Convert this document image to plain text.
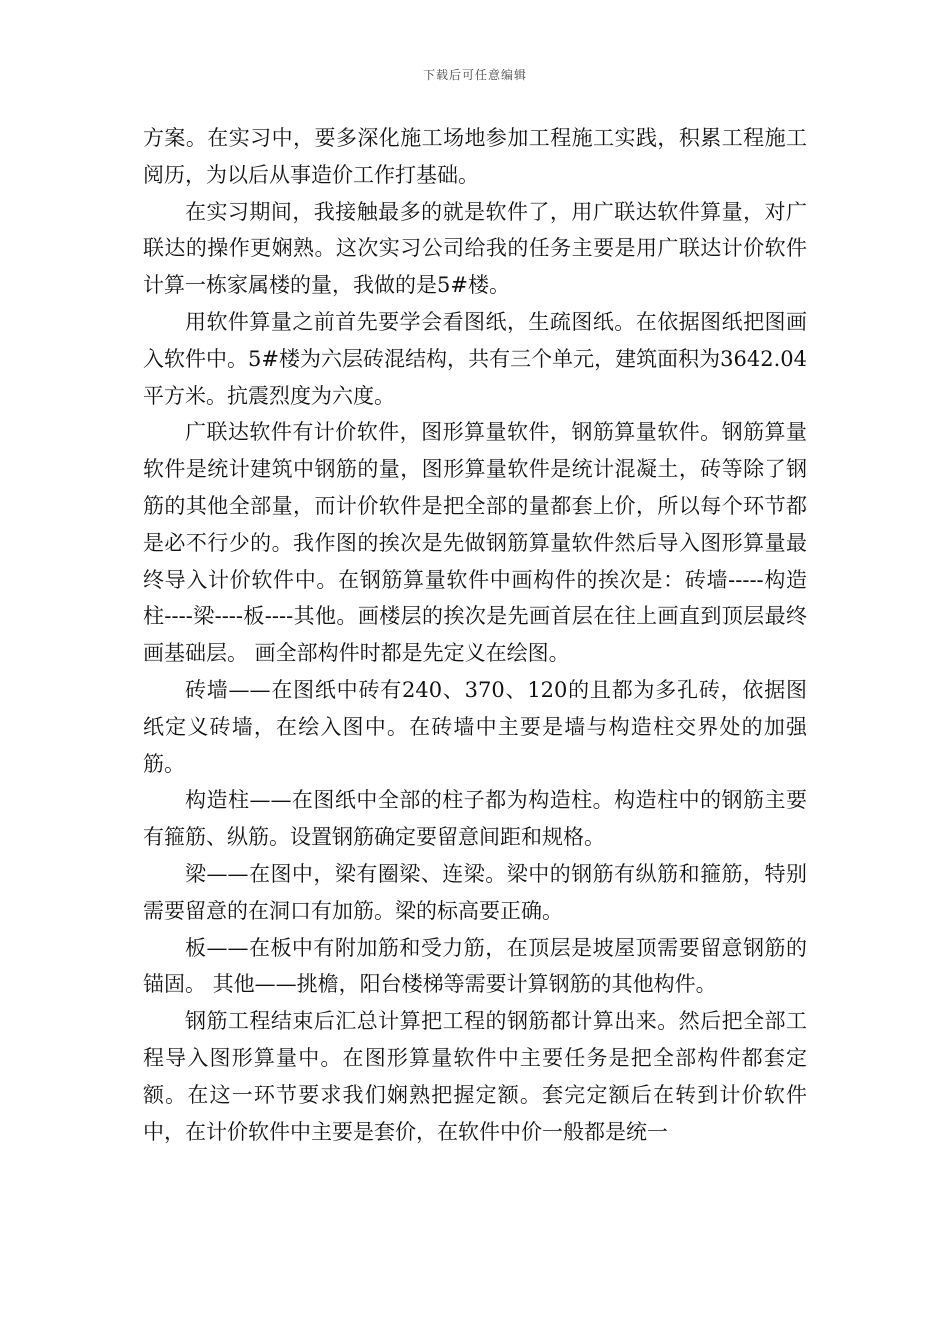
下载后可任意编辑

方案。在实习中，要多深化施工场地参加工程施工实践，积累工程施工阅历，为以后从事造价工作打基础。

在实习期间，我接触最多的就是软件了，用广联达软件算量，对广联达的操作更娴熟。这次实习公司给我的任务主要是用广联达计价软件计算一栋家属楼的量，我做的是5#楼。

用软件算量之前首先要学会看图纸，生疏图纸。在依据图纸把图画入软件中。5#楼为六层砖混结构，共有三个单元，建筑面积为3642.04平方米。抗震烈度为六度。

广联达软件有计价软件，图形算量软件，钢筋算量软件。钢筋算量软件是统计建筑中钢筋的量，图形算量软件是统计混凝土，砖等除了钢筋的其他全部量，而计价软件是把全部的量都套上价，所以每个环节都是必不行少的。我作图的挨次是先做钢筋算量软件然后导入图形算量最终导入计价软件中。在钢筋算量软件中画构件的挨次是：砖墙-----构造柱----梁----板----其他。画楼层的挨次是先画首层在往上画直到顶层最终画基础层。 画全部构件时都是先定义在绘图。

砖墙——在图纸中砖有240、370、120的且都为多孔砖，依据图纸定义砖墙，在绘入图中。在砖墙中主要是墙与构造柱交界处的加强筋。

构造柱——在图纸中全部的柱子都为构造柱。构造柱中的钢筋主要有箍筋、纵筋。设置钢筋确定要留意间距和规格。

梁——在图中，梁有圈梁、连梁。梁中的钢筋有纵筋和箍筋，特别需要留意的在洞口有加筋。梁的标高要正确。

板——在板中有附加筋和受力筋，在顶层是坡屋顶需要留意钢筋的锚固。 其他——挑檐，阳台楼梯等需要计算钢筋的其他构件。

钢筋工程结束后汇总计算把工程的钢筋都计算出来。然后把全部工程导入图形算量中。在图形算量软件中主要任务是把全部构件都套定额。在这一环节要求我们娴熟把握定额。套完定额后在转到计价软件中，在计价软件中主要是套价，在软件中价一般都是统一
